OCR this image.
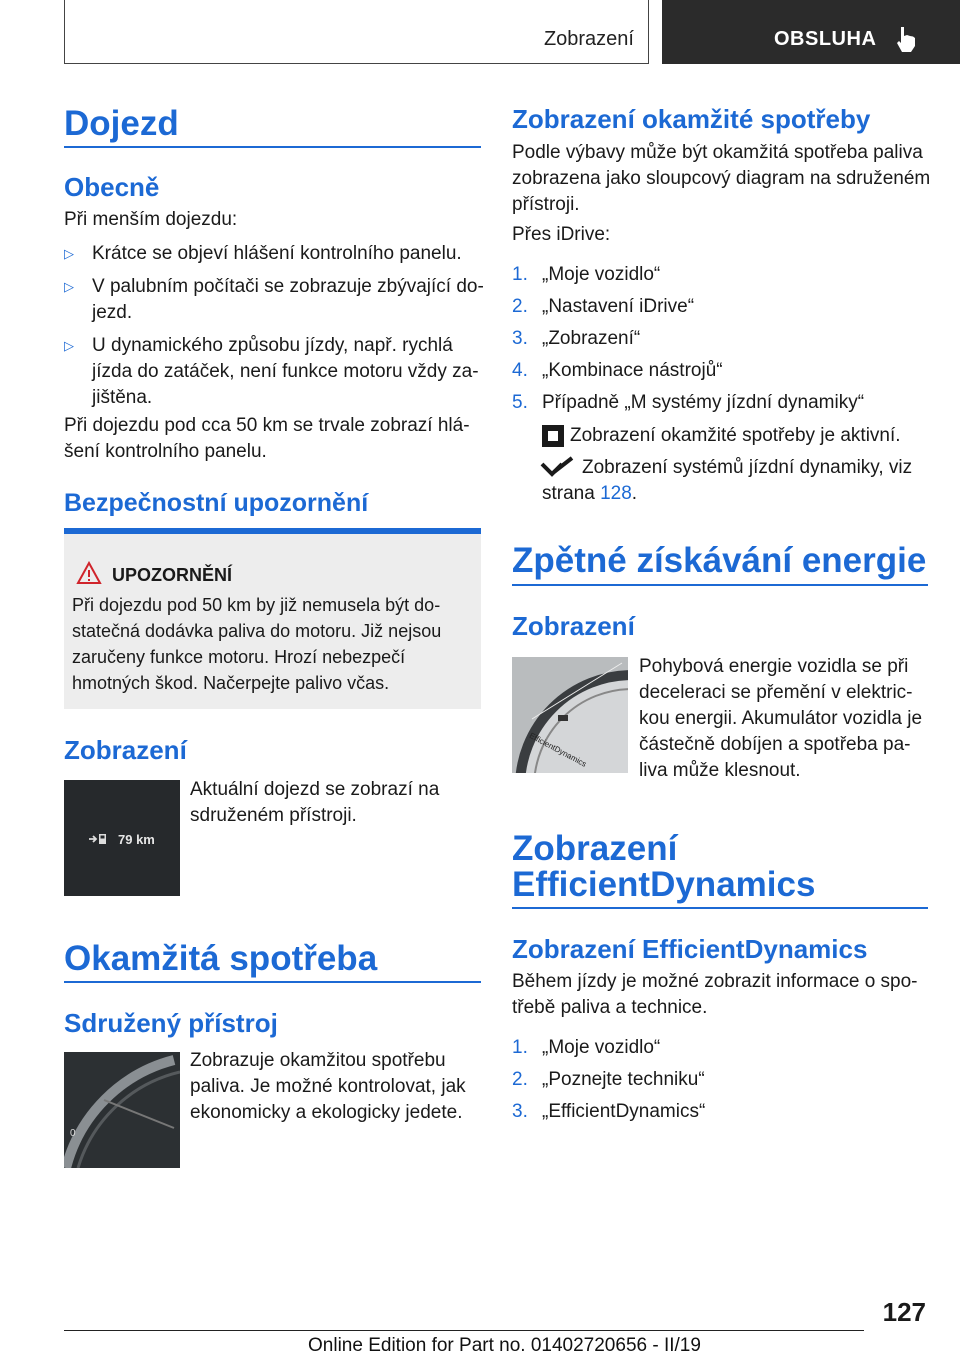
Zobrazení	OBSLUHA
Dojezd
Obecně

Při menším dojezdu:

▷ Krátce se objeví hlášení kontrolního panelu.
▷ V palubním počítači se zobrazuje zbývající do-
jezd.
▷ U dynamického způsobu jízdy, např. rychlá
jízda do zatáček, není funkce motoru vždy za-
jištěna.

Při dojezdu pod cca 50 km se trvale zobrazí hlá-
šení kontrolního panelu.

Bezpečnostní upozornění
UPOZORNĚNÍ
Při dojezdu pod 50 km by již nemusela být do-
statečná dodávka paliva do motoru. Již nejsou
zaručeny funkce motoru. Hrozí nebezpečí
hmotných škod. Načerpejte palivo včas.
Zobrazení
79 km

Aktuální dojezd se zobrazí na
sdruženém přístroji.

Okamžitá spotřeba
Sdružený přístroj
0

Zobrazuje okamžitou spotřebu
paliva. Je možné kontrolovat, jak
ekonomicky a ekologicky jedete.

Zobrazení okamžité spotřeby

Podle výbavy může být okamžitá spotřeba paliva
zobrazena jako sloupcový diagram na sdruženém
přístroji.

Přes iDrive:

1. „Moje vozidlo“
2. „Nastavení iDrive“
3. „Zobrazení“
4. „Kombinace nástrojů“
5. Případně „M systémy jízdní dynamiky“

Zobrazení okamžité spotřeby je aktivní.

Zobrazení systémů jízdní dynamiky, viz

strana 128.

Zpětné získávání energie
Zobrazení
EfficientDynamics

Pohybová energie vozidla se při
deceleraci se přemění v elektric-
kou energii. Akumulátor vozidla je
částečně dobíjen a spotřeba pa-
liva může klesnout.

Zobrazení
EfficientDynamics
Zobrazení EfficientDynamics

Během jízdy je možné zobrazit informace o spo-
třebě paliva a technice.

1. „Moje vozidlo“
2. „Poznejte techniku“
3. „EfficientDynamics“
127
Online Edition for Part no. 01402720656 - II/19
